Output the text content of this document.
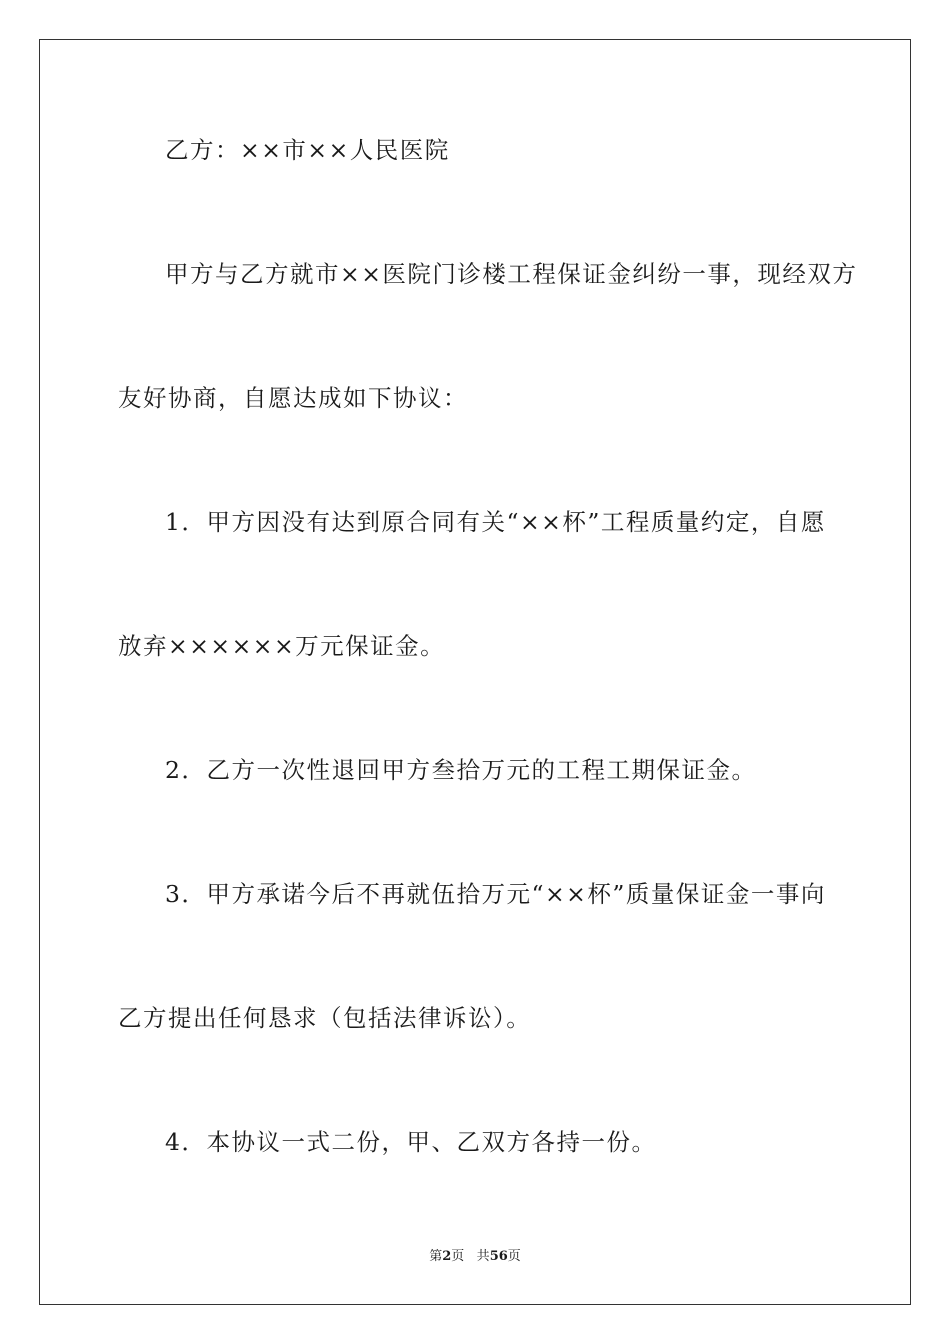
乙方：××市××人民医院
甲方与乙方就市××医院门诊楼工程保证金纠纷一事，现经双方
友好协商，自愿达成如下协议：
1．甲方因没有达到原合同有关“××杯”工程质量约定，自愿
放弃××××××万元保证金。
2．乙方一次性退回甲方叁拾万元的工程工期保证金。
3．甲方承诺今后不再就伍拾万元“××杯”质量保证金一事向
乙方提出任何恳求（包括法律诉讼）。
4．本协议一式二份，甲、乙双方各持一份。
第2页 共56页
